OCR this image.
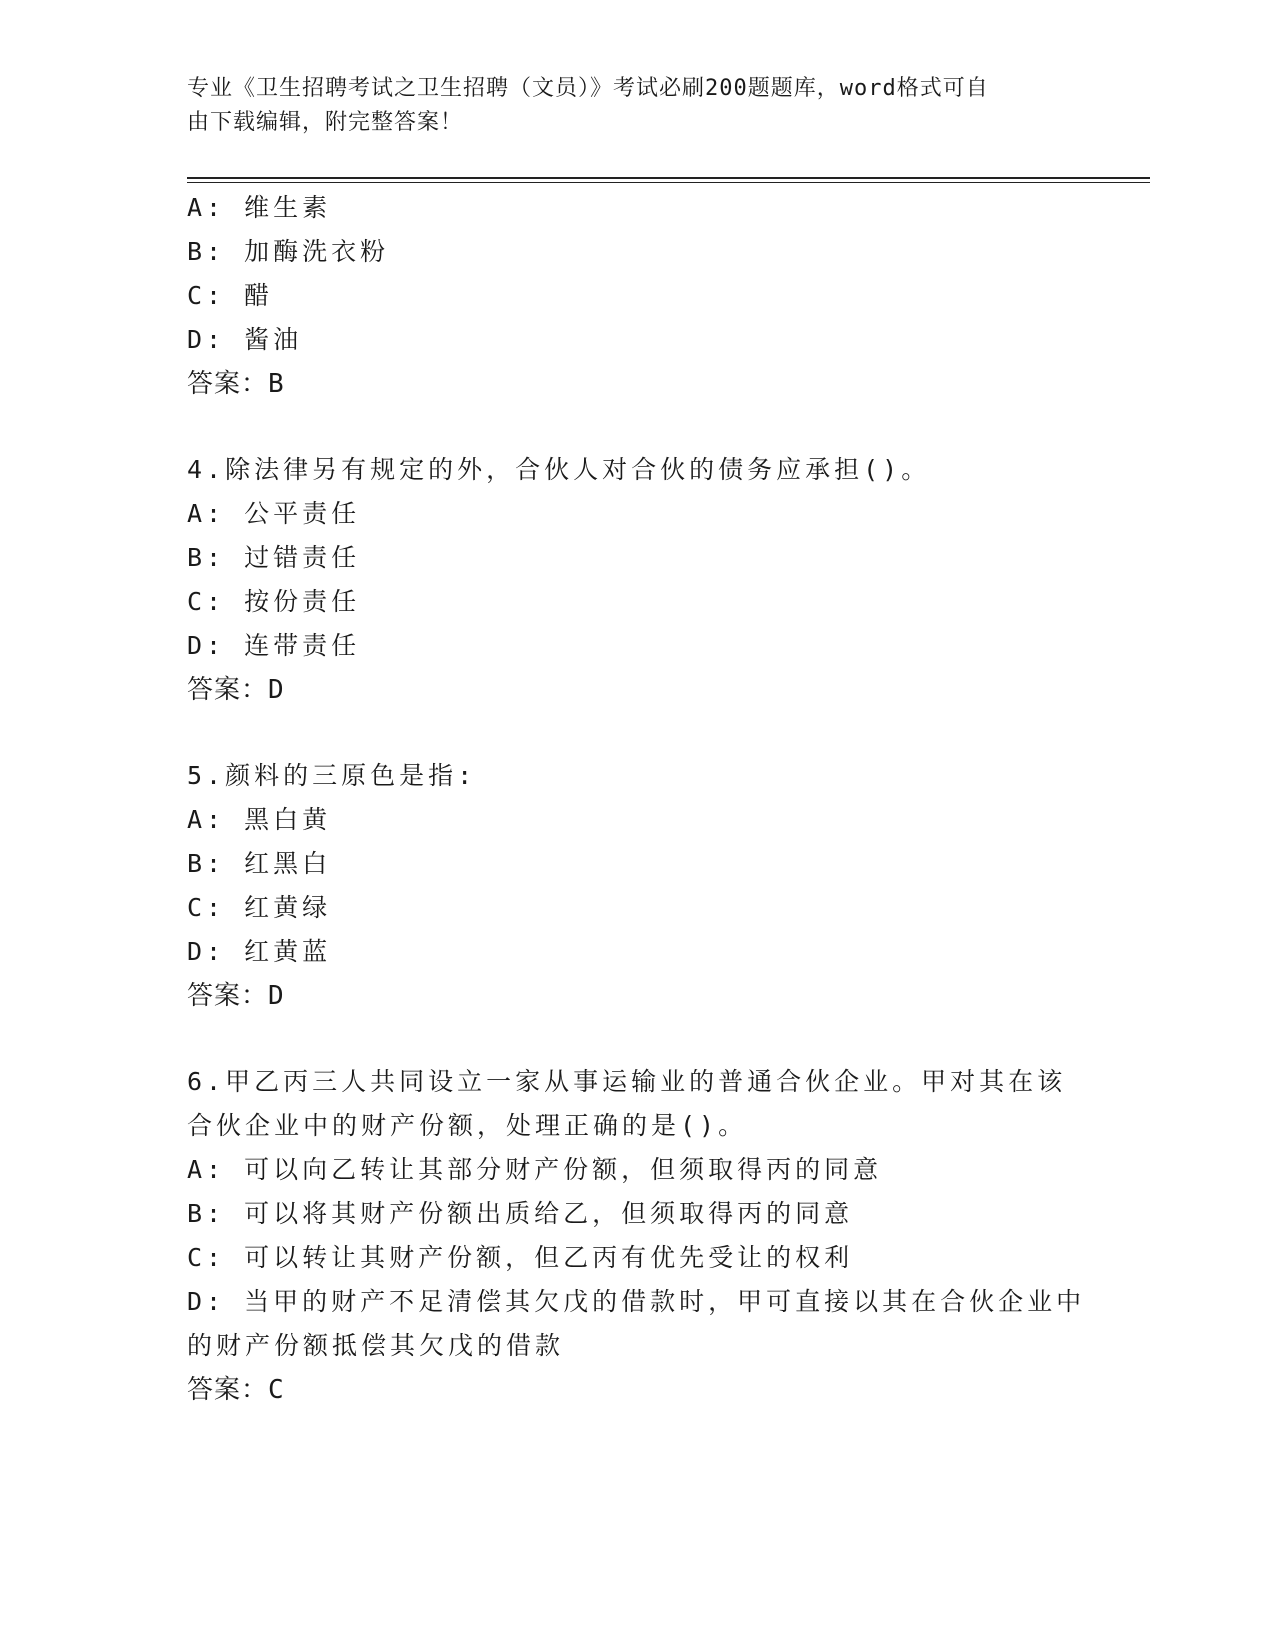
专业《卫生招聘考试之卫生招聘（文员）》考试必刷200题题库，word格式可自
由下载编辑，附完整答案！
A: 维生素
B: 加酶洗衣粉
C: 醋
D: 酱油
答案：B
4.除法律另有规定的外，合伙人对合伙的债务应承担()。
A: 公平责任
B: 过错责任
C: 按份责任
D: 连带责任
答案：D
5.颜料的三原色是指:
A: 黑白黄
B: 红黑白
C: 红黄绿
D: 红黄蓝
答案：D
6.甲乙丙三人共同设立一家从事运输业的普通合伙企业。甲对其在该
合伙企业中的财产份额，处理正确的是()。
A: 可以向乙转让其部分财产份额，但须取得丙的同意
B: 可以将其财产份额出质给乙，但须取得丙的同意
C: 可以转让其财产份额，但乙丙有优先受让的权利
D: 当甲的财产不足清偿其欠戊的借款时，甲可直接以其在合伙企业中
的财产份额抵偿其欠戊的借款
答案：C
